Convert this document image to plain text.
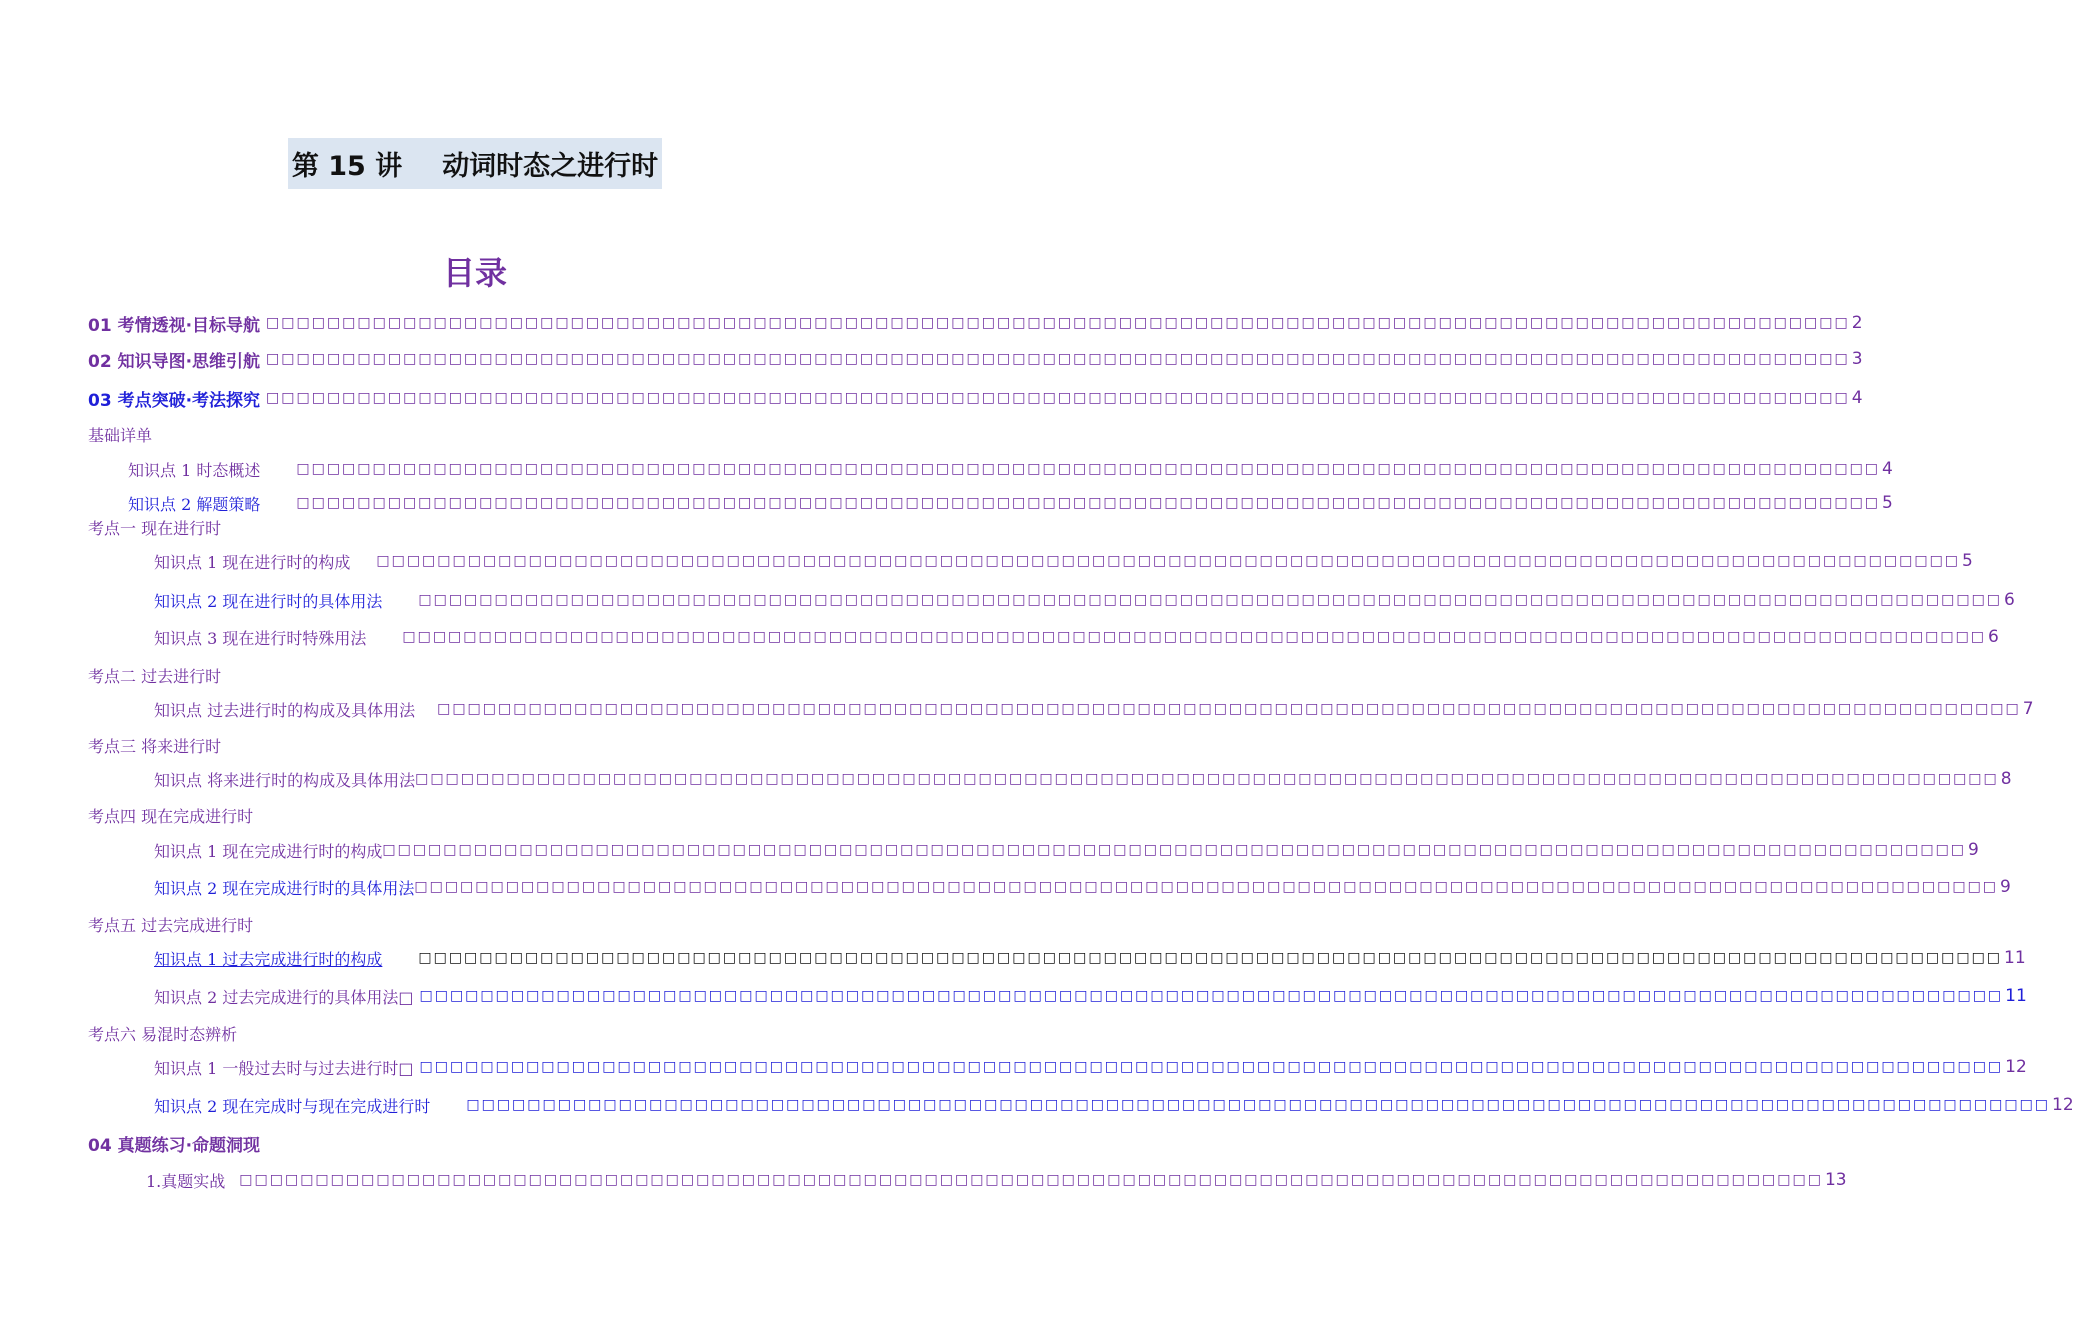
第 15 讲 动词时态之进行时
目录
01 考情透视·目标导航 □□□□□□□□□□□□□□□□□□□□□□□□□□□□□□□□□□□□□□□□□□□□□□□□□□□□□□□□□□□□□□□□□□□□□□□□□□□□□□□□□□□□□□□□□□□□□□□□□□□□□□□□ 2
02 知识导图·思维引航 □□□□□□□□□□□□□□□□□□□□□□□□□□□□□□□□□□□□□□□□□□□□□□□□□□□□□□□□□□□□□□□□□□□□□□□□□□□□□□□□□□□□□□□□□□□□□□□□□□□□□□□□ 3
03 考点突破·考法探究 □□□□□□□□□□□□□□□□□□□□□□□□□□□□□□□□□□□□□□□□□□□□□□□□□□□□□□□□□□□□□□□□□□□□□□□□□□□□□□□□□□□□□□□□□□□□□□□□□□□□□□□□ 4
基础详单
知识点 1 时态概述	□□□□□□□□□□□□□□□□□□□□□□□□□□□□□□□□□□□□□□□□□□□□□□□□□□□□□□□□□□□□□□□□□□□□□□□□□□□□□□□□□□□□□□□□□□□□□□□□□□□□□□□□ 4
知识点 2 解题策略	□□□□□□□□□□□□□□□□□□□□□□□□□□□□□□□□□□□□□□□□□□□□□□□□□□□□□□□□□□□□□□□□□□□□□□□□□□□□□□□□□□□□□□□□□□□□□□□□□□□□□□□□ 5
考点一 现在进行时
知识点 1 现在进行时的构成	□□□□□□□□□□□□□□□□□□□□□□□□□□□□□□□□□□□□□□□□□□□□□□□□□□□□□□□□□□□□□□□□□□□□□□□□□□□□□□□□□□□□□□□□□□□□□□□□□□□□□□□□ 5
知识点 2 现在进行时的具体用法	□□□□□□□□□□□□□□□□□□□□□□□□□□□□□□□□□□□□□□□□□□□□□□□□□□□□□□□□□□□□□□□□□□□□□□□□□□□□□□□□□□□□□□□□□□□□□□□□□□□□□□□□ 6
知识点 3 现在进行时特殊用法	□□□□□□□□□□□□□□□□□□□□□□□□□□□□□□□□□□□□□□□□□□□□□□□□□□□□□□□□□□□□□□□□□□□□□□□□□□□□□□□□□□□□□□□□□□□□□□□□□□□□□□□□ 6
考点二 过去进行时
知识点 过去进行时的构成及具体用法	□□□□□□□□□□□□□□□□□□□□□□□□□□□□□□□□□□□□□□□□□□□□□□□□□□□□□□□□□□□□□□□□□□□□□□□□□□□□□□□□□□□□□□□□□□□□□□□□□□□□□□□□ 7
考点三 将来进行时
知识点 将来进行时的构成及具体用法 □□□□□□□□□□□□□□□□□□□□□□□□□□□□□□□□□□□□□□□□□□□□□□□□□□□□□□□□□□□□□□□□□□□□□□□□□□□□□□□□□□□□□□□□□□□□□□□□□□□□□□□□ 8
考点四 现在完成进行时
知识点 1 现在完成进行时的构成 □□□□□□□□□□□□□□□□□□□□□□□□□□□□□□□□□□□□□□□□□□□□□□□□□□□□□□□□□□□□□□□□□□□□□□□□□□□□□□□□□□□□□□□□□□□□□□□□□□□□□□□□ 9
知识点 2 现在完成进行时的具体用法 □□□□□□□□□□□□□□□□□□□□□□□□□□□□□□□□□□□□□□□□□□□□□□□□□□□□□□□□□□□□□□□□□□□□□□□□□□□□□□□□□□□□□□□□□□□□□□□□□□□□□□□□ 9
考点五 过去完成进行时
知识点 1 过去完成进行时的构成	□□□□□□□□□□□□□□□□□□□□□□□□□□□□□□□□□□□□□□□□□□□□□□□□□□□□□□□□□□□□□□□□□□□□□□□□□□□□□□□□□□□□□□□□□□□□□□□□□□□□□□□□ 11
知识点 2 过去完成进行的具体用法□ □□□□□□□□□□□□□□□□□□□□□□□□□□□□□□□□□□□□□□□□□□□□□□□□□□□□□□□□□□□□□□□□□□□□□□□□□□□□□□□□□□□□□□□□□□□□□□□□□□□□□□□□ 11
考点六 易混时态辨析
知识点 1 一般过去时与过去进行时□ □□□□□□□□□□□□□□□□□□□□□□□□□□□□□□□□□□□□□□□□□□□□□□□□□□□□□□□□□□□□□□□□□□□□□□□□□□□□□□□□□□□□□□□□□□□□□□□□□□□□□□□□ 12
知识点 2 现在完成时与现在完成进行时	□□□□□□□□□□□□□□□□□□□□□□□□□□□□□□□□□□□□□□□□□□□□□□□□□□□□□□□□□□□□□□□□□□□□□□□□□□□□□□□□□□□□□□□□□□□□□□□□□□□□□□□□ 12
04 真题练习·命题洞现
1.真题实战	□□□□□□□□□□□□□□□□□□□□□□□□□□□□□□□□□□□□□□□□□□□□□□□□□□□□□□□□□□□□□□□□□□□□□□□□□□□□□□□□□□□□□□□□□□□□□□□□□□□□□□□□ 13
